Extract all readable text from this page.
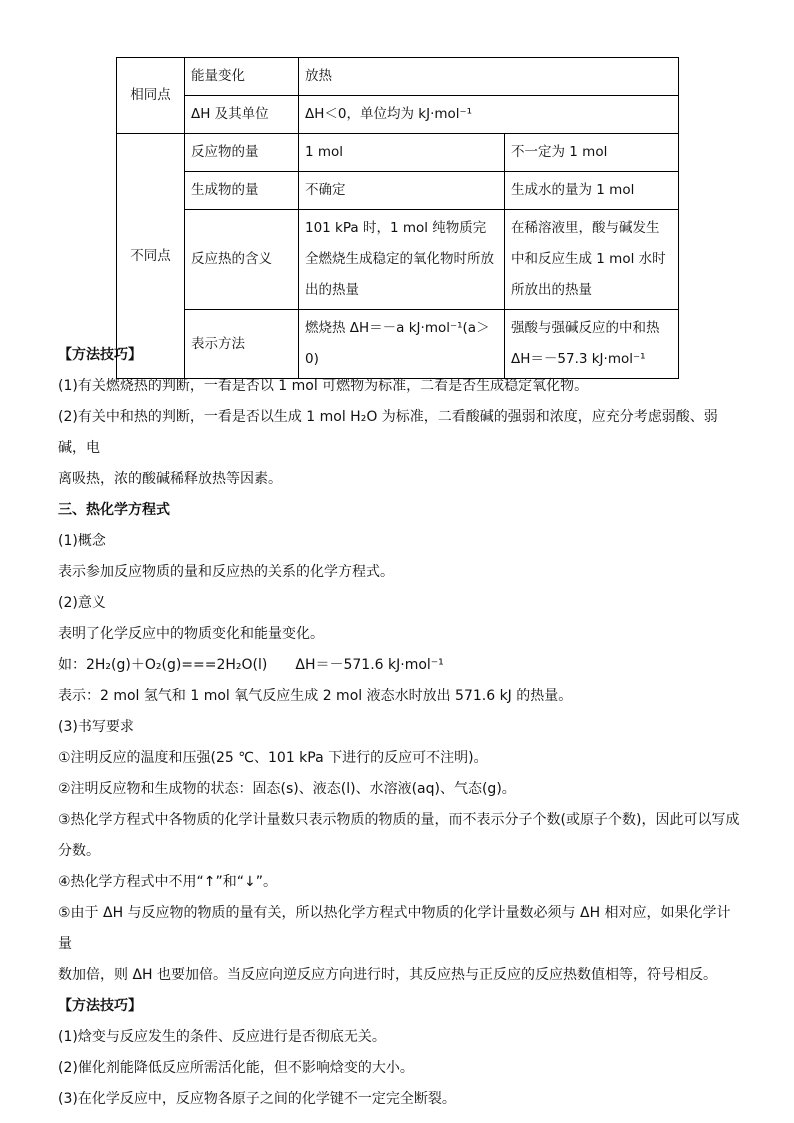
相同点	能量变化	放热	
	ΔH 及其单位	ΔH＜0，单位均为 kJ·mol⁻¹	
不同点	反应物的量	1 mol	不一定为 1 mol
	生成物的量	不确定	生成水的量为 1 mol
	反应热的含义	101 kPa 时，1 mol 纯物质完全燃烧生成稳定的氧化物时所放出的热量	在稀溶液里，酸与碱发生中和反应生成 1 mol 水时所放出的热量
	表示方法	燃烧热 ΔH＝－a kJ·mol⁻¹(a＞0)	强酸与强碱反应的中和热 ΔH＝－57.3 kJ·mol⁻¹

【方法技巧】

(1)有关燃烧热的判断，一看是否以 1 mol 可燃物为标准，二看是否生成稳定氧化物。

(2)有关中和热的判断，一看是否以生成 1 mol H₂O 为标准，二看酸碱的强弱和浓度，应充分考虑弱酸、弱碱，电

离吸热，浓的酸碱稀释放热等因素。

三、热化学方程式

(1)概念

表示参加反应物质的量和反应热的关系的化学方程式。

(2)意义

表明了化学反应中的物质变化和能量变化。

如：2H₂(g)＋O₂(g)===2H₂O(l)　　ΔH＝－571.6 kJ·mol⁻¹

表示：2 mol 氢气和 1 mol 氧气反应生成 2 mol 液态水时放出 571.6 kJ 的热量。

(3)书写要求

①注明反应的温度和压强(25 ℃、101 kPa 下进行的反应可不注明)。

②注明反应物和生成物的状态：固态(s)、液态(l)、水溶液(aq)、气态(g)。

③热化学方程式中各物质的化学计量数只表示物质的物质的量，而不表示分子个数(或原子个数)，因此可以写成

分数。

④热化学方程式中不用“↑”和“↓”。

⑤由于 ΔH 与反应物的物质的量有关，所以热化学方程式中物质的化学计量数必须与 ΔH 相对应，如果化学计量

数加倍，则 ΔH 也要加倍。当反应向逆反应方向进行时，其反应热与正反应的反应热数值相等，符号相反。

【方法技巧】

(1)焓变与反应发生的条件、反应进行是否彻底无关。

(2)催化剂能降低反应所需活化能，但不影响焓变的大小。

(3)在化学反应中，反应物各原子之间的化学键不一定完全断裂。
